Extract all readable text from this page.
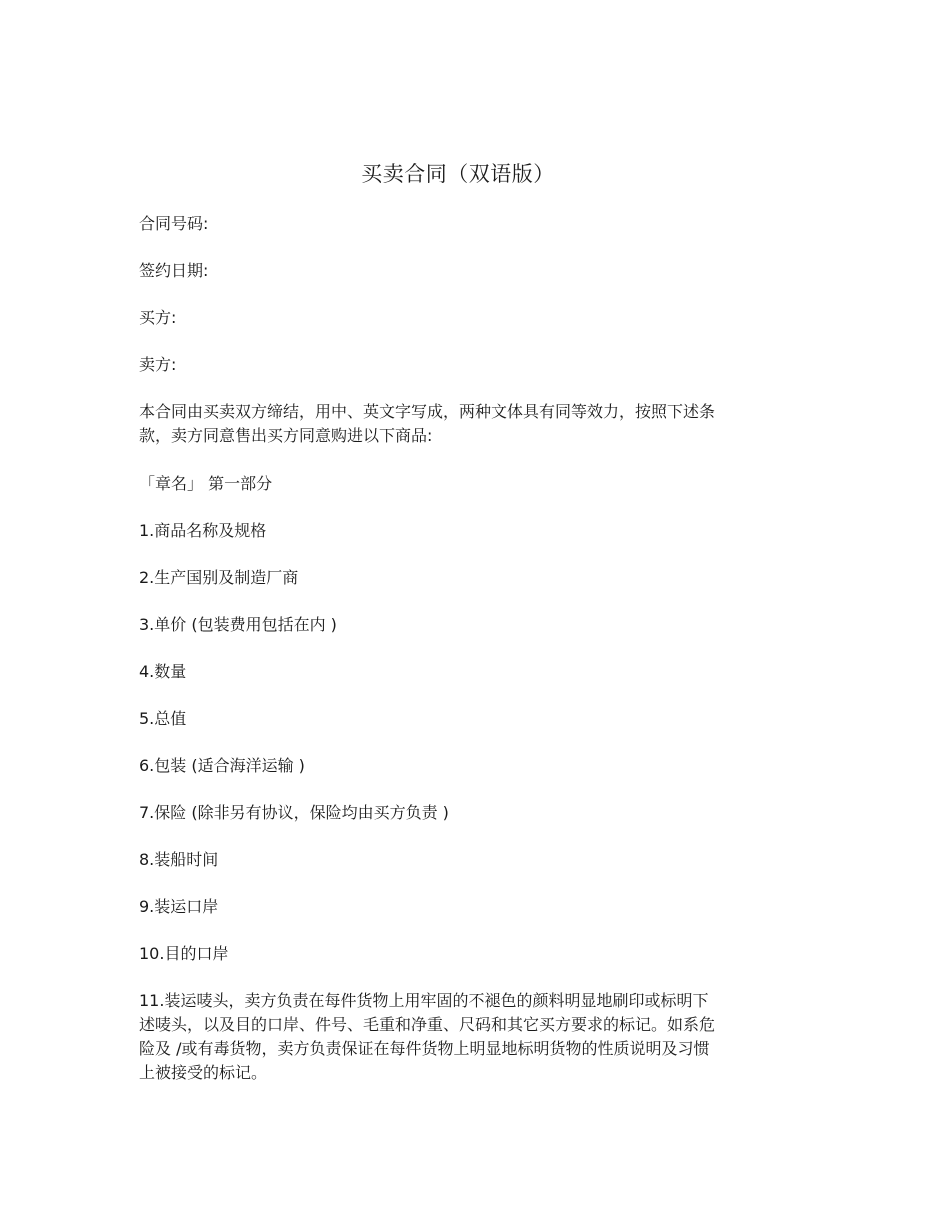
买卖合同（双语版）
合同号码:
签约日期:
买方:
卖方:
本合同由买卖双方缔结，用中、英文字写成，两种文体具有同等效力，按照下述条
款，卖方同意售出买方同意购进以下商品:
「章名」 第一部分
1.商品名称及规格
2.生产国别及制造厂商
3.单价 (包装费用包括在内 )
4.数量
5.总值
6.包装 (适合海洋运输 )
7.保险 (除非另有协议，保险均由买方负责 )
8.装船时间
9.装运口岸
10.目的口岸
11.装运唛头，卖方负责在每件货物上用牢固的不褪色的颜料明显地刷印或标明下
述唛头，以及目的口岸、件号、毛重和净重、尺码和其它买方要求的标记。如系危
险及 /或有毒货物，卖方负责保证在每件货物上明显地标明货物的性质说明及习惯
上被接受的标记。
